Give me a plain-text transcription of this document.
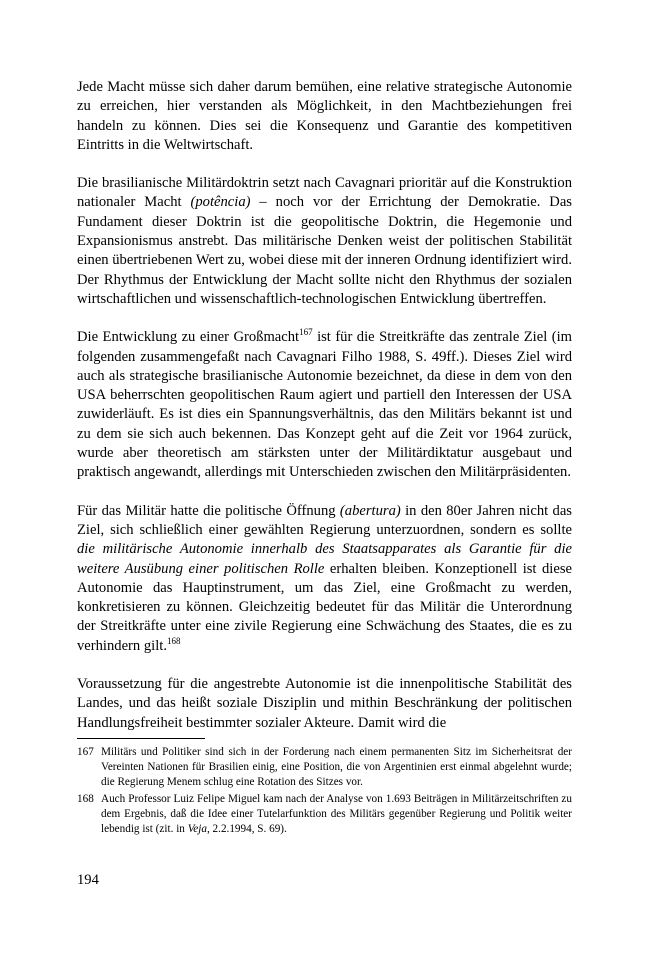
Jede Macht müsse sich daher darum bemühen, eine relative strategische Autonomie zu erreichen, hier verstanden als Möglichkeit, in den Machtbeziehungen frei handeln zu können. Dies sei die Konsequenz und Garantie des kompetitiven Eintritts in die Weltwirtschaft.

Die brasilianische Militärdoktrin setzt nach Cavagnari prioritär auf die Konstruktion nationaler Macht (potência) – noch vor der Errichtung der Demokratie. Das Fundament dieser Doktrin ist die geopolitische Doktrin, die Hegemonie und Expansionismus anstrebt. Das militärische Denken weist der politischen Stabilität einen übertriebenen Wert zu, wobei diese mit der inneren Ordnung identifiziert wird. Der Rhythmus der Entwicklung der Macht sollte nicht den Rhythmus der sozialen wirtschaftlichen und wissenschaftlich-technologischen Entwicklung übertreffen.

Die Entwicklung zu einer Großmacht$^{167}$ ist für die Streitkräfte das zentrale Ziel (im folgenden zusammengefaßt nach Cavagnari Filho 1988, S. 49ff.). Dieses Ziel wird auch als strategische brasilianische Autonomie bezeichnet, da diese in dem von den USA beherrschten geopolitischen Raum agiert und partiell den Interessen der USA zuwiderläuft. Es ist dies ein Spannungsverhältnis, das den Militärs bekannt ist und zu dem sie sich auch bekennen. Das Konzept geht auf die Zeit vor 1964 zurück, wurde aber theoretisch am stärksten unter der Militärdiktatur ausgebaut und praktisch angewandt, allerdings mit Unterschieden zwischen den Militärpräsidenten.

Für das Militär hatte die politische Öffnung (abertura) in den 80er Jahren nicht das Ziel, sich schließlich einer gewählten Regierung unterzuordnen, sondern es sollte die militärische Autonomie innerhalb des Staatsapparates als Garantie für die weitere Ausübung einer politischen Rolle erhalten bleiben. Konzeptionell ist diese Autonomie das Hauptinstrument, um das Ziel, eine Großmacht zu werden, konkretisieren zu können. Gleichzeitig bedeutet für das Militär die Unterordnung der Streitkräfte unter eine zivile Regierung eine Schwächung des Staates, die es zu verhindern gilt.$^{168}$

Voraussetzung für die angestrebte Autonomie ist die innenpolitische Stabilität des Landes, und das heißt soziale Disziplin und mithin Beschränkung der politischen Handlungsfreiheit bestimmter sozialer Akteure. Damit wird die

167 Militärs und Politiker sind sich in der Forderung nach einem permanenten Sitz im Sicherheitsrat der Vereinten Nationen für Brasilien einig, eine Position, die von Argentinien erst einmal abgelehnt wurde; die Regierung Menem schlug eine Rotation des Sitzes vor.

168 Auch Professor Luiz Felipe Miguel kam nach der Analyse von 1.693 Beiträgen in Militärzeitschriften zu dem Ergebnis, daß die Idee einer Tutelarfunktion des Militärs gegenüber Regierung und Politik weiter lebendig ist (zit. in Veja, 2.2.1994, S. 69).

194
